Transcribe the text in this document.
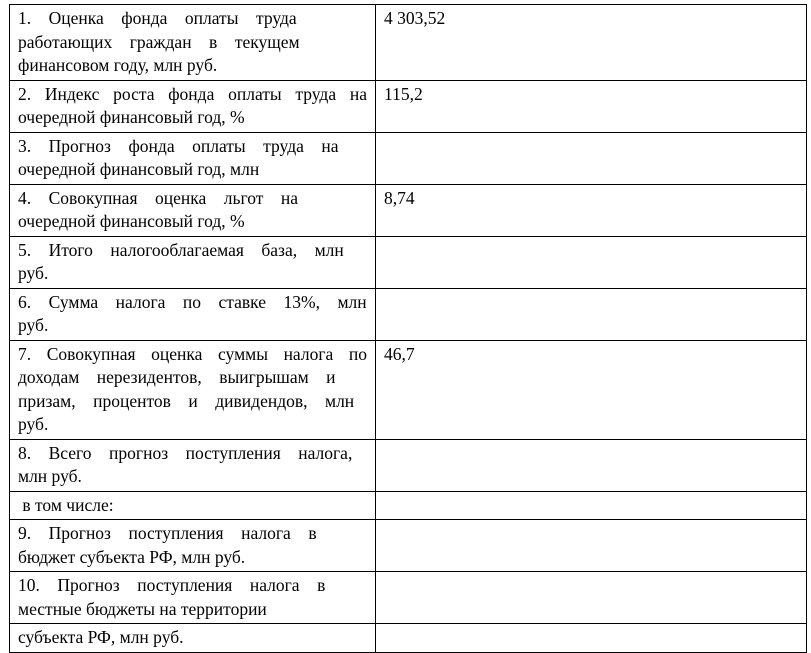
1. Оценка фонда оплаты труда
работающих граждан в текущем
финансовом году, млн руб.	4 303,52

2. Индекс роста фонда оплаты труда на
очередной финансовый год, %	115,2

3. Прогноз фонда оплаты труда на
очередной финансовый год, млн	

4. Совокупная оценка льгот на
очередной финансовый год, %	8,74

5. Итого налогооблагаемая база, млн
руб.	

6. Сумма налога по ставке 13%, млн
руб.	

7. Совокупная оценка суммы налога по
доходам нерезидентов, выигрышам и
призам, процентов и дивидендов, млн
руб.	46,7

8. Всего прогноз поступления налога,
млн руб.	

в том числе:	

9. Прогноз поступления налога в
бюджет субъекта РФ, млн руб.	

10. Прогноз поступления налога в
местные бюджеты на территории	

субъекта РФ, млн руб.	
